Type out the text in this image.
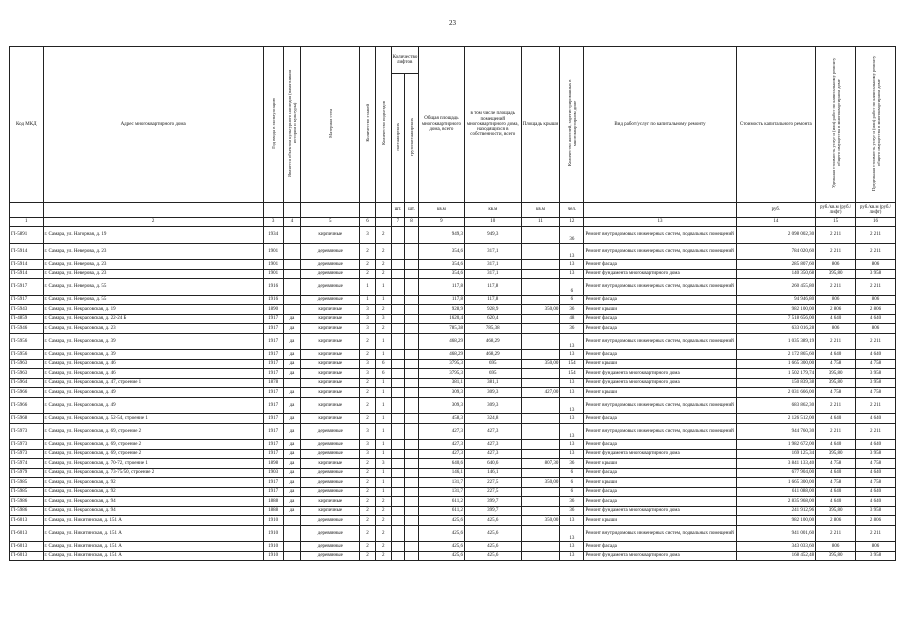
23
Код МКД	Адрес многоквартирного дома	Год ввода в эксплуатацию	Является объектом культурного наследия (памятником истории и культуры)	Материал стен	Количество этажей	Количество подъездов	Количество лифтов		Общая площадь многоквартирного дома, всего	в том числе площадь помещений многоквартирного дома, находящихся в собственности, всего	Площадь крыши	Количество жителей, зарегистрированных в многоквартирном доме	Вид работ/услуг по капитальному ремонту	Стоимость капитального ремонта	Удельная стоимость услуг и (или) работ по капитальному ремонту общего имущества в многоквартирном доме	Предельная стоимость услуг и (или) работ по капитальному ремонту общего имущества в многоквартирном доме
							пассажирских	грузопассажирских								
							шт.	шт.	кв.м	кв.м	кв.м	чел.		руб.	руб./кв.м (руб./лифт)	руб./кв.м (руб./лифт)
1	2	3	4	5	6		7	8	9	10	11	12	13	14	15	16
ГІ-5891	г. Самара, ул. Нагорная, д. 19	1934		кирпичные	3	2			949,3	949,3		36	Ремонт внутридомовых инженерных систем, подвальных помещений	2 098 002,30	2 211	2 211
ГІ-5914	г. Самара, ул. Неверова, д. 23	1901		деревянные	2	2			354,6	317,1		13	Ремонт внутридомовых инженерных систем, подвальных помещений	784 020,60	2 211	2 211
ГІ-5914	г. Самара, ул. Неверова, д. 23	1901		деревянные	2	2			354,6	317,1		13	Ремонт фасада	285 807,60	806	806
ГІ-5914	г. Самара, ул. Неверова, д. 23	1901		деревянные	2	2			354,6	317,1		13	Ремонт фундамента многоквартирного дома	140 350,68	395,80	3 958
ГІ-5917	г. Самара, ул. Неверова, д. 55	1916		деревянные	1	1			117,8	117,8		6	Ремонт внутридомовых инженерных систем, подвальных помещений	260 455,80	2 211	2 211
ГІ-5917	г. Самара, ул. Неверова, д. 55	1916		деревянные	1	1			117,8	117,8		6	Ремонт фасада	94 946,80	806	806
ГІ-5943	г. Самара, ул. Некрасовская, д. 19	1890		кирпичные	3	2			928,9	928,9	350,00	36	Ремонт крыши	982 100,00	2 806	2 806
ГІ-4859	г. Самара, ул. Некрасовская, д. 22-24 Б	1917	да	кирпичные	3	3			1620,4	620,4		48	Ремонт фасада	7 518 656,00	4 640	4 640
ГІ-5946	г. Самара, ул. Некрасовская, д. 23	1917	да	кирпичные	3	2			785,38	785,38		36	Ремонт фасада	633 016,28	806	806
ГІ-5956	г. Самара, ул. Некрасовская, д. 39	1917	да	кирпичные	2	1			468,29	468,29		13	Ремонт внутридомовых инженерных систем, подвальных помещений	1 035 389,19	2 211	2 211
ГІ-5956	г. Самара, ул. Некрасовская, д. 39	1917	да	кирпичные	2	1			468,29	468,29		13	Ремонт фасада	2 172 865,60	4 640	4 640
ГІ-5963	г. Самара, ул. Некрасовская, д. 46	1917	да	кирпичные	3	6			3795,3	695	350,00	154	Ремонт крыши	1 665 300,00	4 758	4 758
ГІ-5963	г. Самара, ул. Некрасовская, д. 46	1917	да	кирпичные	3	6			3795,3	695		154	Ремонт фундамента многоквартирного дома	1 502 179,74	395,80	3 958
ГІ-5964	г. Самара, ул. Некрасовская, д. 47, строение 1	1878		кирпичные	2	1			381,1	381,1		13	Ремонт фундамента многоквартирного дома	150 839,38	395,80	3 958
ГІ-5966	г. Самара, ул. Некрасовская, д. 49	1917	да	кирпичные	2	1			309,3	309,3	427,00	13	Ремонт крыши	2 031 666,00	4 758	4 758
ГІ-5966	г. Самара, ул. Некрасовская, д. 49	1917	да	кирпичные	2	1			309,3	309,3		13	Ремонт внутридомовых инженерных систем, подвальных помещений	683 862,30	2 211	2 211
ГІ-5968	г. Самара, ул. Некрасовская, д. 52-54, строение 1	1917	да	кирпичные	2	1			458,3	324,8		13	Ремонт фасада	2 126 512,00	4 640	4 640
ГІ-5973	г. Самара, ул. Некрасовская, д. 69, строение 2	1917	да	деревянные	3	1			427,3	427,3		13	Ремонт внутридомовых инженерных систем, подвальных помещений	944 760,30	2 211	2 211
ГІ-5973	г. Самара, ул. Некрасовская, д. 69, строение 2	1917	да	деревянные	3	1			427,3	427,3		13	Ремонт фасада	1 982 672,00	4 640	4 640
ГІ-5973	г. Самара, ул. Некрасовская, д. 69, строение 2	1917	да	деревянные	3	1			427,3	427,3		13	Ремонт фундамента многоквартирного дома	169 125,34	395,80	3 958
ГІ-5974	г. Самара, ул. Некрасовская, д. 70-72, строение 1	1898	да	кирпичные	2	3			640,6	640,6	807,30	36	Ремонт крыши	3 841 133,40	4 758	4 758
ГІ-5979	г. Самара, ул. Некрасовская, д. 73-75/50, строение 2	1903	да	деревянные	2	1			146,1	146,1		6	Ремонт фасада	677 904,00	4 640	4 640
ГІ-5985	г. Самара, ул. Некрасовская, д. 92	1917	да	деревянные	2	1			131,7	227,5	350,00	6	Ремонт крыши	1 665 300,00	4 758	4 758
ГІ-5985	г. Самара, ул. Некрасовская, д. 92	1917	да	деревянные	2	1			131,7	227,5		6	Ремонт фасада	611 088,00	4 640	4 640
ГІ-5986	г. Самара, ул. Некрасовская, д. 94	1888	да	кирпичные	2	2			611,2	399,7		36	Ремонт фасада	2 835 968,00	4 640	4 640
ГІ-5986	г. Самара, ул. Некрасовская, д. 94	1888	да	кирпичные	2	2			611,2	399,7		36	Ремонт фундамента многоквартирного дома	241 912,96	395,80	3 958
ГІ-6013	г. Самара, ул. Никитинская, д. 151 А	1910		деревянные	2	2			425,6	425,6	350,00	13	Ремонт крыши	982 100,00	2 806	2 806
ГІ-6013	г. Самара, ул. Никитинская, д. 151 А	1910		деревянные	2	2			425,6	425,6		13	Ремонт внутридомовых инженерных систем, подвальных помещений	941 001,60	2 211	2 211
ГІ-6013	г. Самара, ул. Никитинская, д. 151 А	1910		деревянные	2	2			425,6	425,6		13	Ремонт фасада	343 033,60	806	806
ГІ-6013	г. Самара, ул. Никитинская, д. 151 А	1910		деревянные	2	2			425,6	425,6		13	Ремонт фундамента многоквартирного дома	168 452,48	395,80	3 958
